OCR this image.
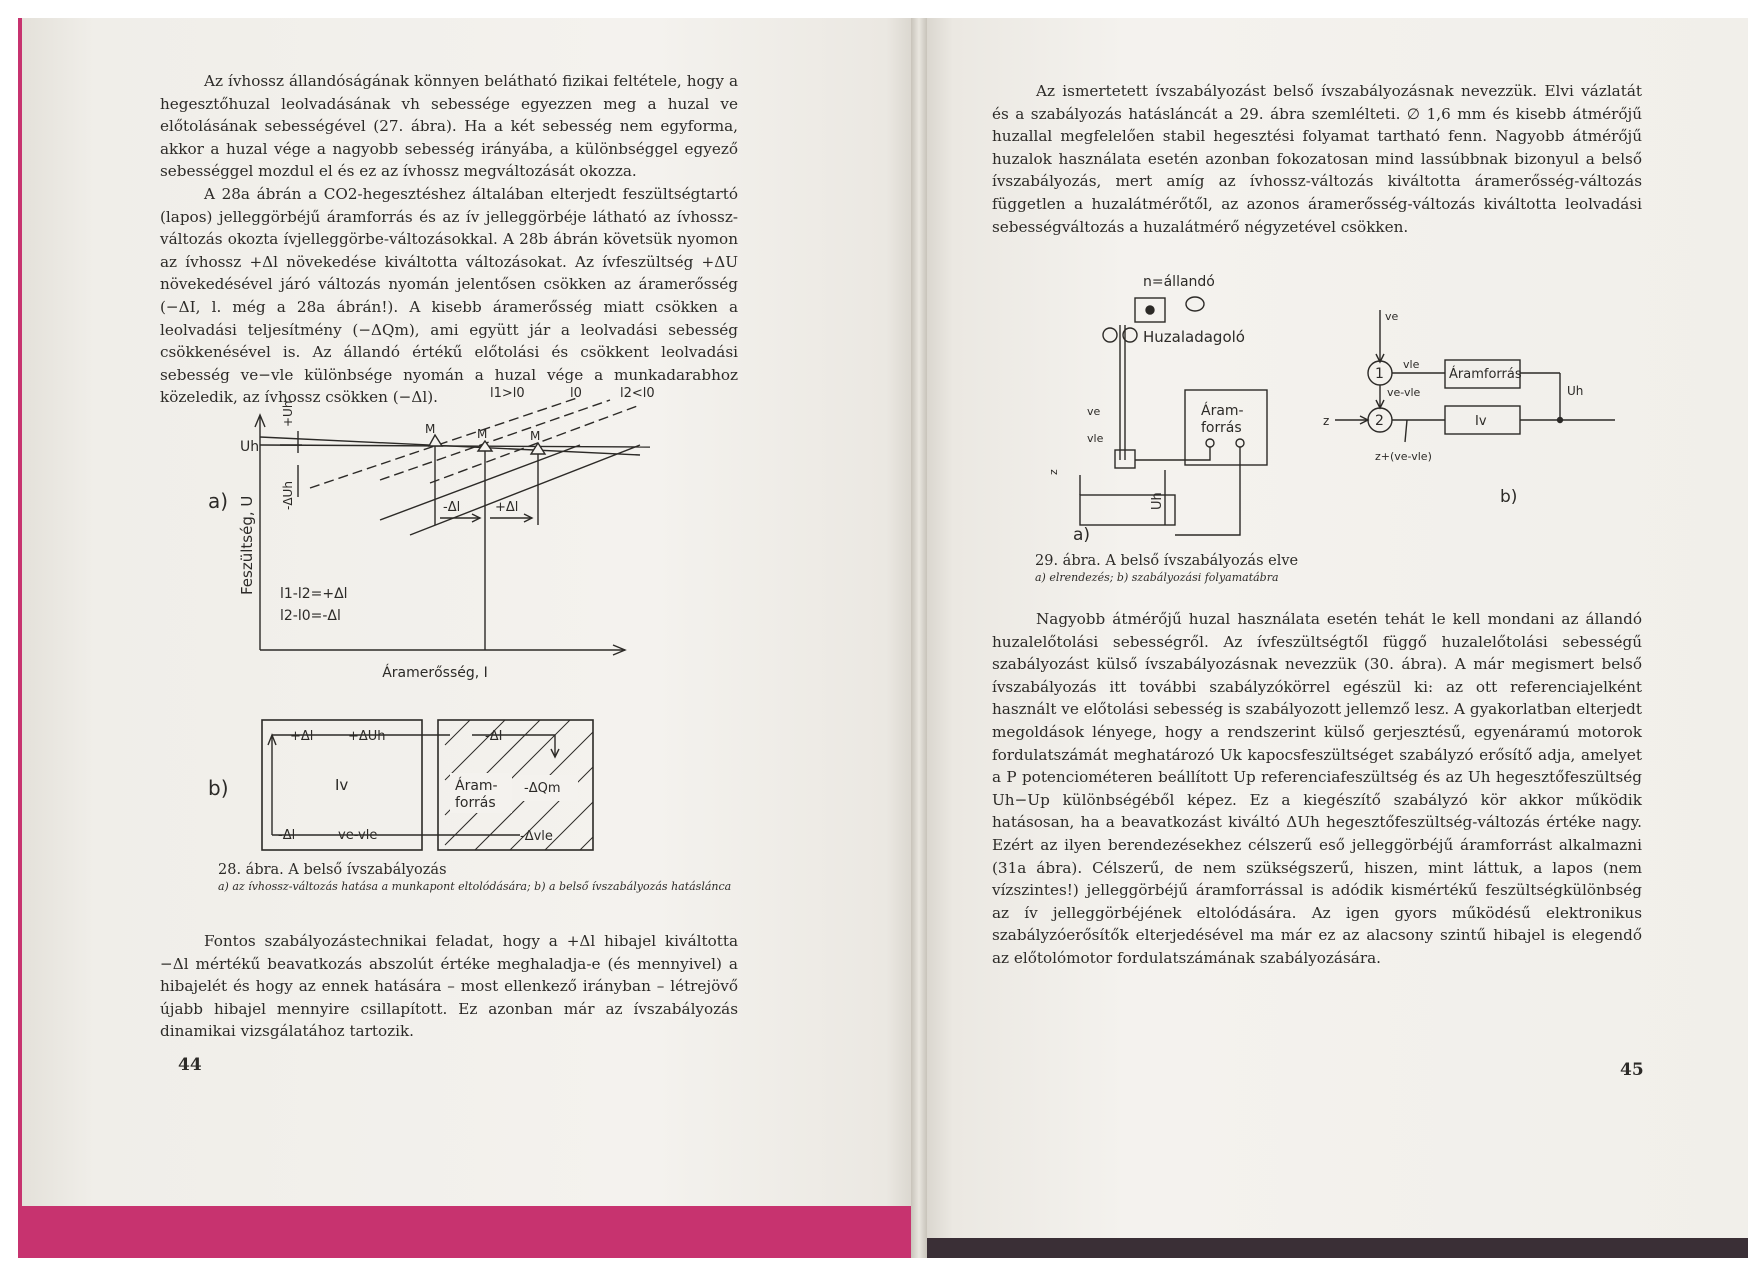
Az ívhossz állandóságának könnyen belátható fizikai feltétele, hogy a hegesztőhuzal leolvadásának vh sebessége egyezzen meg a huzal ve előtolásának sebességével (27. ábra). Ha a két sebesség nem egyforma, akkor a huzal vége a nagyobb sebesség irányába, a különbséggel egyező sebességgel mozdul el és ez az ívhossz megváltozását okozza.

A 28a ábrán a CO2-hegesztéshez általában elterjedt feszültségtartó (lapos) jelleggörbéjű áramforrás és az ív jelleggörbéje látható az ívhossz-változás okozta ívjelleggörbe-változásokkal. A 28b ábrán követsük nyomon az ívhossz +Δl növekedése kiváltotta változásokat. Az ívfeszültség +ΔU növekedésével járó változás nyomán jelentősen csökken az áramerősség (−ΔI, l. még a 28a ábrán!). A kisebb áramerősség miatt csökken a leolvadási teljesítmény (−ΔQm), ami együtt jár a leolvadási sebesség csökkenésével is. Az állandó értékű előtolási és csökkent leolvadási sebesség ve−vle különbsége nyomán a huzal vége a munkadarabhoz közeledik, az ívhossz csökken (−Δl).

Feszültség, U
Áramerősség, I
a)
Uh
+Uh
-ΔUh
l1>l0	l0	l2<l0
M	M	M
-Δl	+Δl
l1-l2=+Δl
l2-l0=-Δl
b)	Iv
+Δl	+ΔUh
Áram-
forrás
-ΔI
-ΔQm
-Δvle
-Δl	ve-vle
28. ábra. A belső ívszabályozás
a) az ívhossz-változás hatása a munkapont eltolódására; b) a belső ívszabályozás hatáslánca

Fontos szabályozástechnikai feladat, hogy a +Δl hibajel kiváltotta −Δl mértékű beavatkozás abszolút értéke meghaladja-e (és mennyivel) a hibajelét és hogy az ennek hatására – most ellenkező irányban – létrejövő újabb hibajel mennyire csillapított. Ez azonban már az ívszabályozás dinamikai vizsgálatához tartozik.

44

Az ismertetett ívszabályozást belső ívszabályozásnak nevezzük. Elvi vázlatát és a szabályozás hatásláncát a 29. ábra szemlélteti. ∅ 1,6 mm és kisebb átmérőjű huzallal megfelelően stabil hegesztési folyamat tartható fenn. Nagyobb átmérőjű huzalok használata esetén azonban fokozatosan mind lassúbbnak bizonyul a belső ívszabályozás, mert amíg az ívhossz-változás kiváltotta áramerősség-változás független a huzalátmérőtől, az azonos áramerősség-változás kiváltotta leolvadási sebességváltozás a huzalátmérő négyzetével csökken.

n=állandó
Huzaladagoló
Áram-
forrás
ve
vle
z
Uh
a)
b)
ve
vle
1
2
Áramforrás
ve-vle	Uh
Iv
z
z+(ve-vle)
29. ábra. A belső ívszabályozás elve
a) elrendezés; b) szabályozási folyamatábra

Nagyobb átmérőjű huzal használata esetén tehát le kell mondani az állandó huzalelőtolási sebességről. Az ívfeszültségtől függő huzalelőtolási sebességű szabályozást külső ívszabályozásnak nevezzük (30. ábra). A már megismert belső ívszabályozás itt további szabályzókörrel egészül ki: az ott referenciajelként használt ve előtolási sebesség is szabályozott jellemző lesz. A gyakorlatban elterjedt megoldások lényege, hogy a rendszerint külső gerjesztésű, egyenáramú motorok fordulatszámát meghatározó Uk kapocsfeszültséget szabályzó erősítő adja, amelyet a P potenciométeren beállított Up referenciafeszültség és az Uh hegesztőfeszültség Uh−Up különbségéből képez. Ez a kiegészítő szabályzó kör akkor működik hatásosan, ha a beavatkozást kiváltó ΔUh hegesztőfeszültség-változás értéke nagy. Ezért az ilyen berendezésekhez célszerű eső jelleggörbéjű áramforrást alkalmazni (31a ábra). Célszerű, de nem szükségszerű, hiszen, mint láttuk, a lapos (nem vízszintes!) jelleggörbéjű áramforrással is adódik kismértékű feszültségkülönbség az ív jelleggörbéjének eltolódására. Az igen gyors működésű elektronikus szabályzóerősítők elterjedésével ma már ez az alacsony szintű hibajel is elegendő az előtolómotor fordulatszámának szabályozására.

45
